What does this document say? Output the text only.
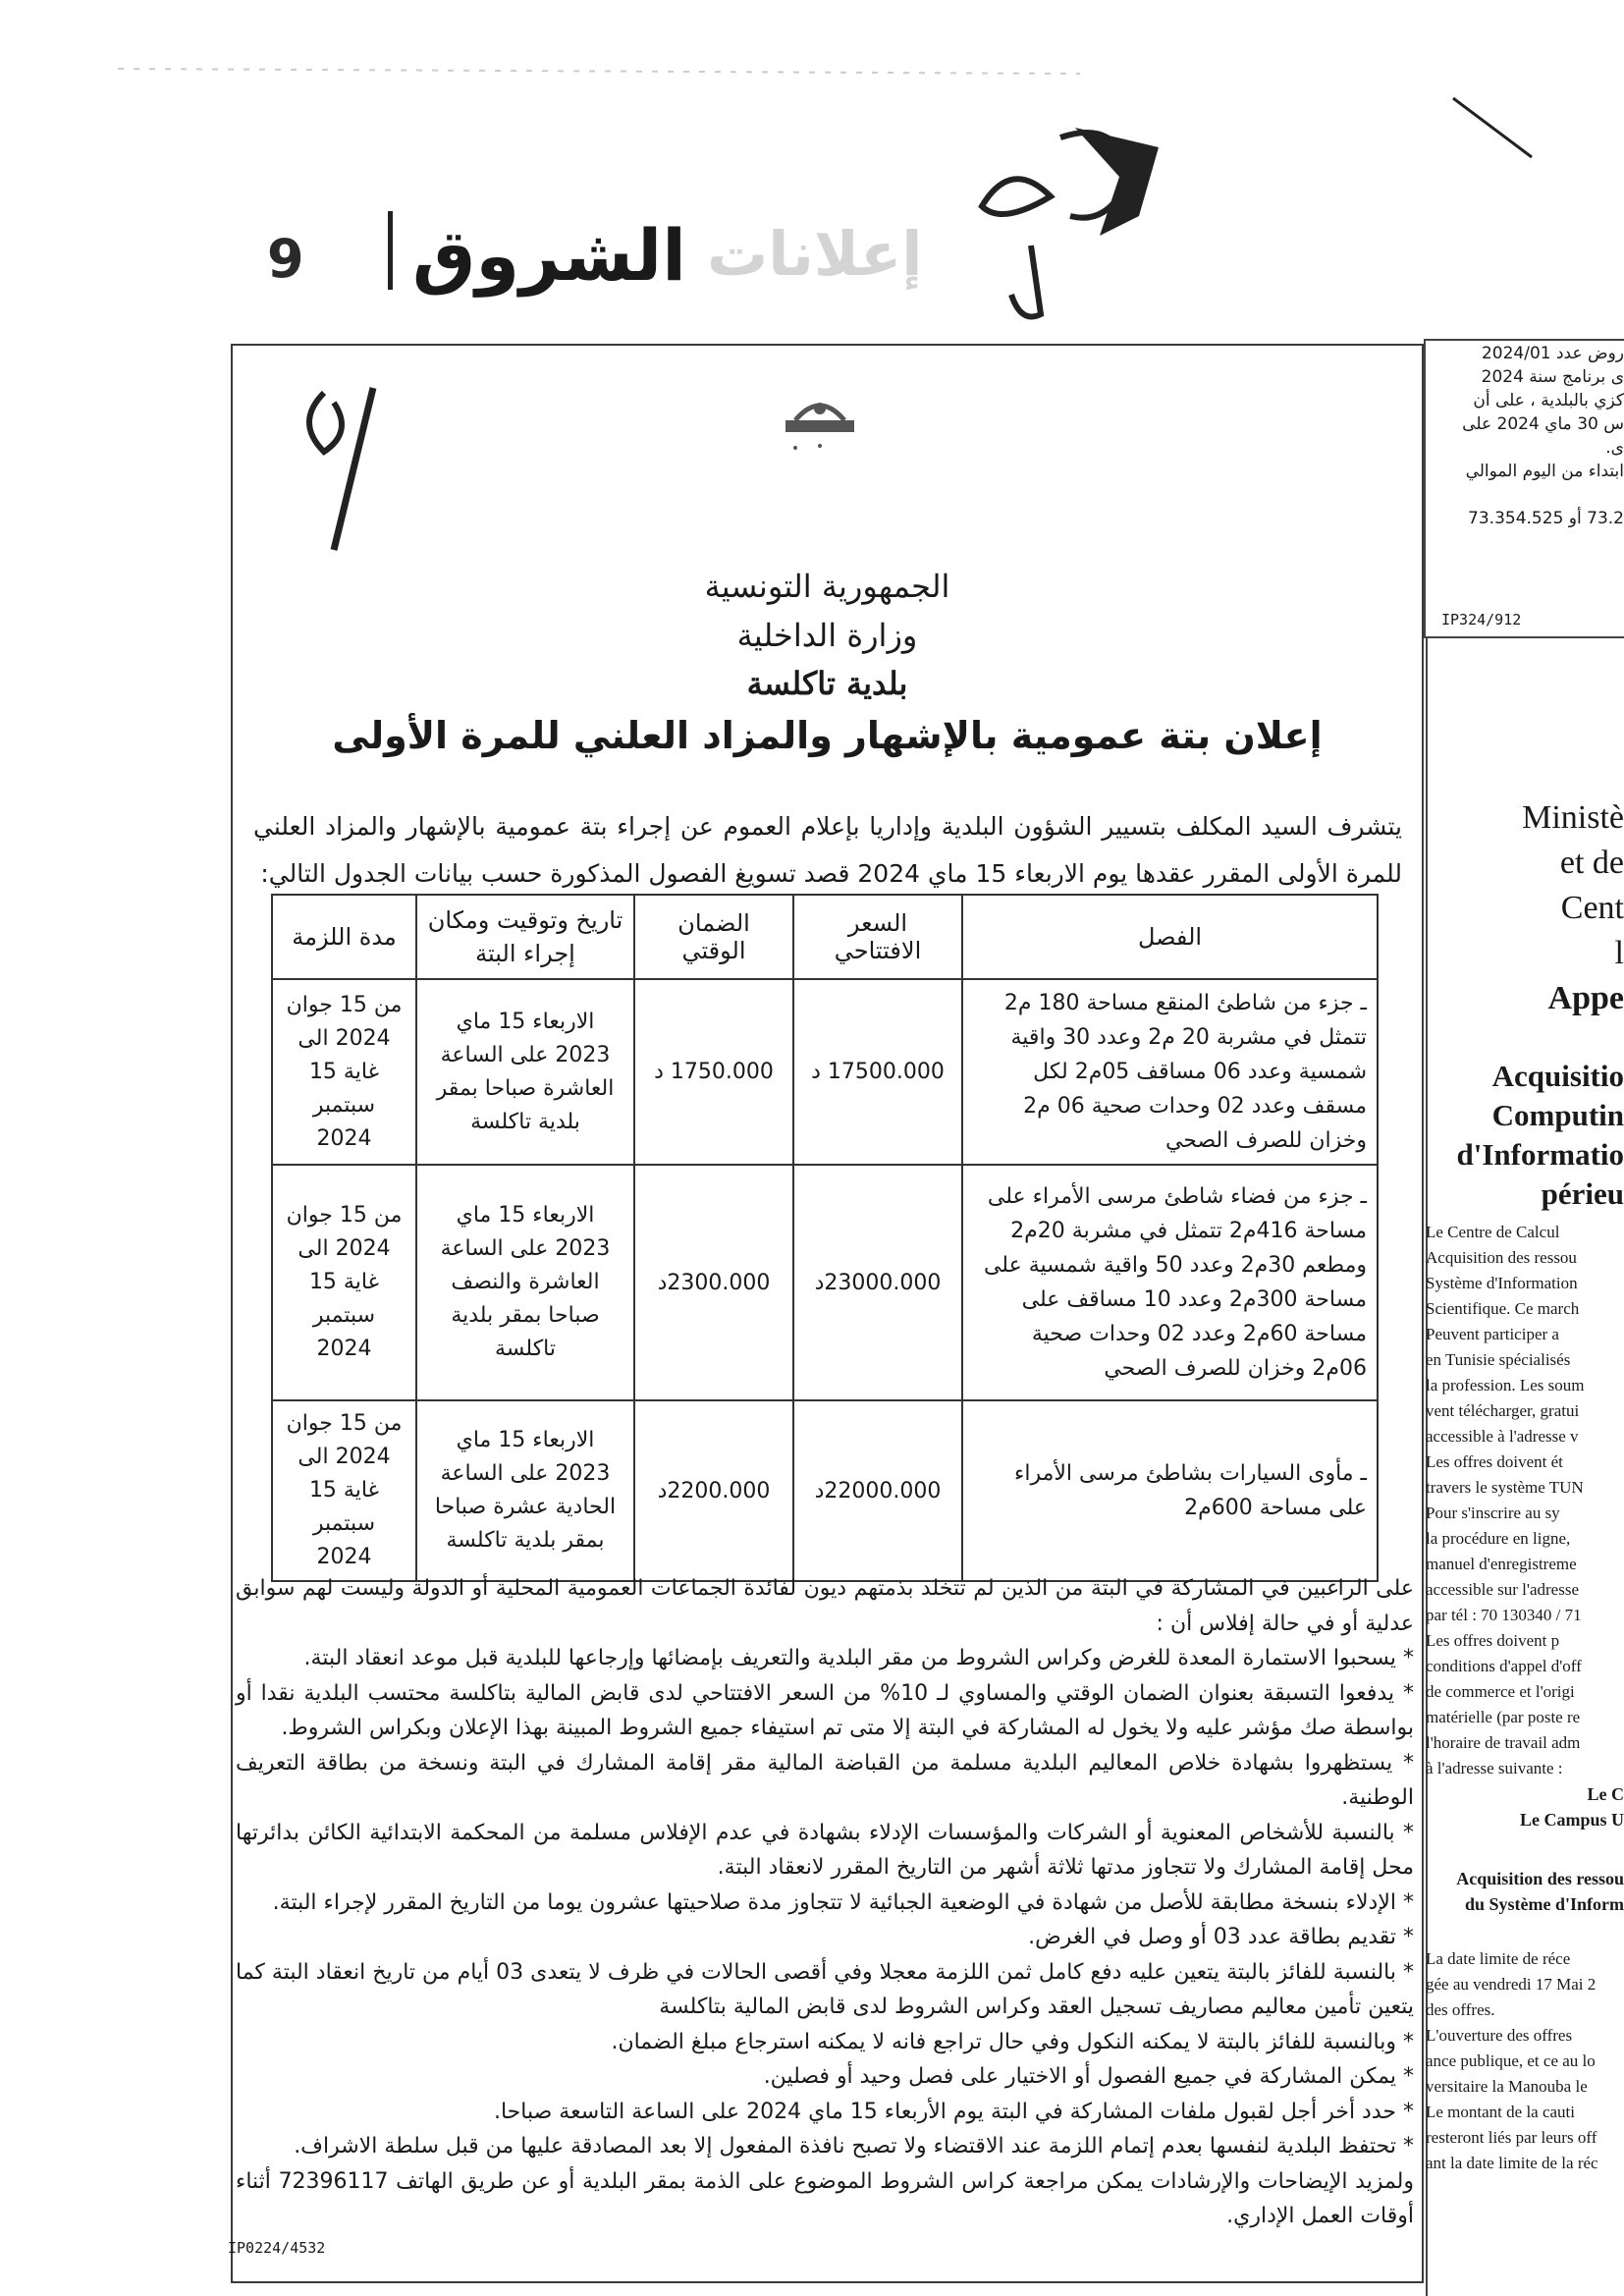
9 الشروق إعلانات
الجمهورية التونسية
وزارة الداخلية
بلدية تاكلسة
إعلان بتة عمومية بالإشهار والمزاد العلني للمرة الأولى
يتشرف السيد المكلف بتسيير الشؤون البلدية وإداريا بإعلام العموم عن إجراء بتة عمومية بالإشهار والمزاد العلني للمرة الأولى المقرر عقدها يوم الاربعاء 15 ماي 2024 قصد تسويغ الفصول المذكورة حسب بيانات الجدول التالي:
الفصل	السعر الافتتاحي	الضمان الوقتي	تاريخ وتوقيت ومكان إجراء البتة	مدة اللزمة
ـ جزء من شاطئ المنقع مساحة 180 م2 تتمثل في مشربة 20 م2 وعدد 30 واقية شمسية وعدد 06 مساقف 05م2 لكل مسقف وعدد 02 وحدات صحية 06 م2 وخزان للصرف الصحي	17500.000 د	1750.000 د	الاربعاء 15 ماي 2023 على الساعة العاشرة صباحا بمقر بلدية تاكلسة	من 15 جوان 2024 الى غاية 15 سبتمبر 2024
ـ جزء من فضاء شاطئ مرسى الأمراء على مساحة 416م2 تتمثل في مشربة 20م2 ومطعم 30م2 وعدد 50 واقية شمسية على مساحة 300م2 وعدد 10 مساقف على مساحة 60م2 وعدد 02 وحدات صحية 06م2 وخزان للصرف الصحي	23000.000د	2300.000د	الاربعاء 15 ماي 2023 على الساعة العاشرة والنصف صباحا بمقر بلدية تاكلسة	من 15 جوان 2024 الى غاية 15 سبتمبر 2024
ـ مأوى السيارات بشاطئ مرسى الأمراء على مساحة 600م2	22000.000د	2200.000د	الاربعاء 15 ماي 2023 على الساعة الحادية عشرة صباحا بمقر بلدية تاكلسة	من 15 جوان 2024 الى غاية 15 سبتمبر 2024

على الراغبين في المشاركة في البتة من الذين لم تتخلد بذمتهم ديون لفائدة الجماعات العمومية المحلية أو الدولة وليست لهم سوابق عدلية أو في حالة إفلاس أن :

* يسحبوا الاستمارة المعدة للغرض وكراس الشروط من مقر البلدية والتعريف بإمضائها وإرجاعها للبلدية قبل موعد انعقاد البتة.

* يدفعوا التسبقة بعنوان الضمان الوقتي والمساوي لـ 10% من السعر الافتتاحي لدى قابض المالية بتاكلسة محتسب البلدية نقدا أو بواسطة صك مؤشر عليه ولا يخول له المشاركة في البتة إلا متى تم استيفاء جميع الشروط المبينة بهذا الإعلان وبكراس الشروط.

* يستظهروا بشهادة خلاص المعاليم البلدية مسلمة من القباضة المالية مقر إقامة المشارك في البتة ونسخة من بطاقة التعريف الوطنية.

* بالنسبة للأشخاص المعنوية أو الشركات والمؤسسات الإدلاء بشهادة في عدم الإفلاس مسلمة من المحكمة الابتدائية الكائن بدائرتها محل إقامة المشارك ولا تتجاوز مدتها ثلاثة أشهر من التاريخ المقرر لانعقاد البتة.

* الإدلاء بنسخة مطابقة للأصل من شهادة في الوضعية الجبائية لا تتجاوز مدة صلاحيتها عشرون يوما من التاريخ المقرر لإجراء البتة.

* تقديم بطاقة عدد 03 أو وصل في الغرض.

* بالنسبة للفائز بالبتة يتعين عليه دفع كامل ثمن اللزمة معجلا وفي أقصى الحالات في ظرف لا يتعدى 03 أيام من تاريخ انعقاد البتة كما يتعين تأمين معاليم مصاريف تسجيل العقد وكراس الشروط لدى قابض المالية بتاكلسة

* وبالنسبة للفائز بالبتة لا يمكنه النكول وفي حال تراجع فانه لا يمكنه استرجاع مبلغ الضمان.

* يمكن المشاركة في جميع الفصول أو الاختيار على فصل وحيد أو فصلين.

* حدد أخر أجل لقبول ملفات المشاركة في البتة يوم الأربعاء 15 ماي 2024 على الساعة التاسعة صباحا.

* تحتفظ البلدية لنفسها بعدم إتمام اللزمة عند الاقتضاء ولا تصبح نافذة المفعول إلا بعد المصادقة عليها من قبل سلطة الاشراف.

ولمزيد الإيضاحات والإرشادات يمكن مراجعة كراس الشروط الموضوع على الذمة بمقر البلدية أو عن طريق الهاتف 72396117 أثناء أوقات العمل الإداري.

IP0224/4532
روض عدد 2024/01
ى برنامج سنة 2024
كزي بالبلدية ، على أن
س 30 ماي 2024 على
ى.
ابتداء من اليوم الموالي
73.2 أو 73.354.525
IP324/912

Ministè

et de

Cent

l

Appe

Acquisitio

Computin

d'Informatio

périeu

Le Centre de Calcul

Acquisition des ressou

Système d'Information

Scientifique. Ce march

Peuvent participer a

en Tunisie spécialisés

la profession. Les soum

vent télécharger, gratui

accessible à l'adresse v

Les offres doivent ét

travers le système TUN

Pour s'inscrire au sy

la procédure en ligne,

manuel d'enregistreme

accessible sur l'adresse

par tél : 70 130340 / 71

Les offres doivent p

conditions d'appel d'off

de commerce et l'origi

matérielle (par poste re

l'horaire de travail adm

à l'adresse suivante :

Le C

Le Campus U

Acquisition des ressou

du Système d'Inform

La date limite de réce

gée au vendredi 17 Mai 2

des offres.

L'ouverture des offres

ance publique, et ce au lo

versitaire la Manouba le

Le montant de la cauti

resteront liés par leurs off

ant la date limite de la réc
